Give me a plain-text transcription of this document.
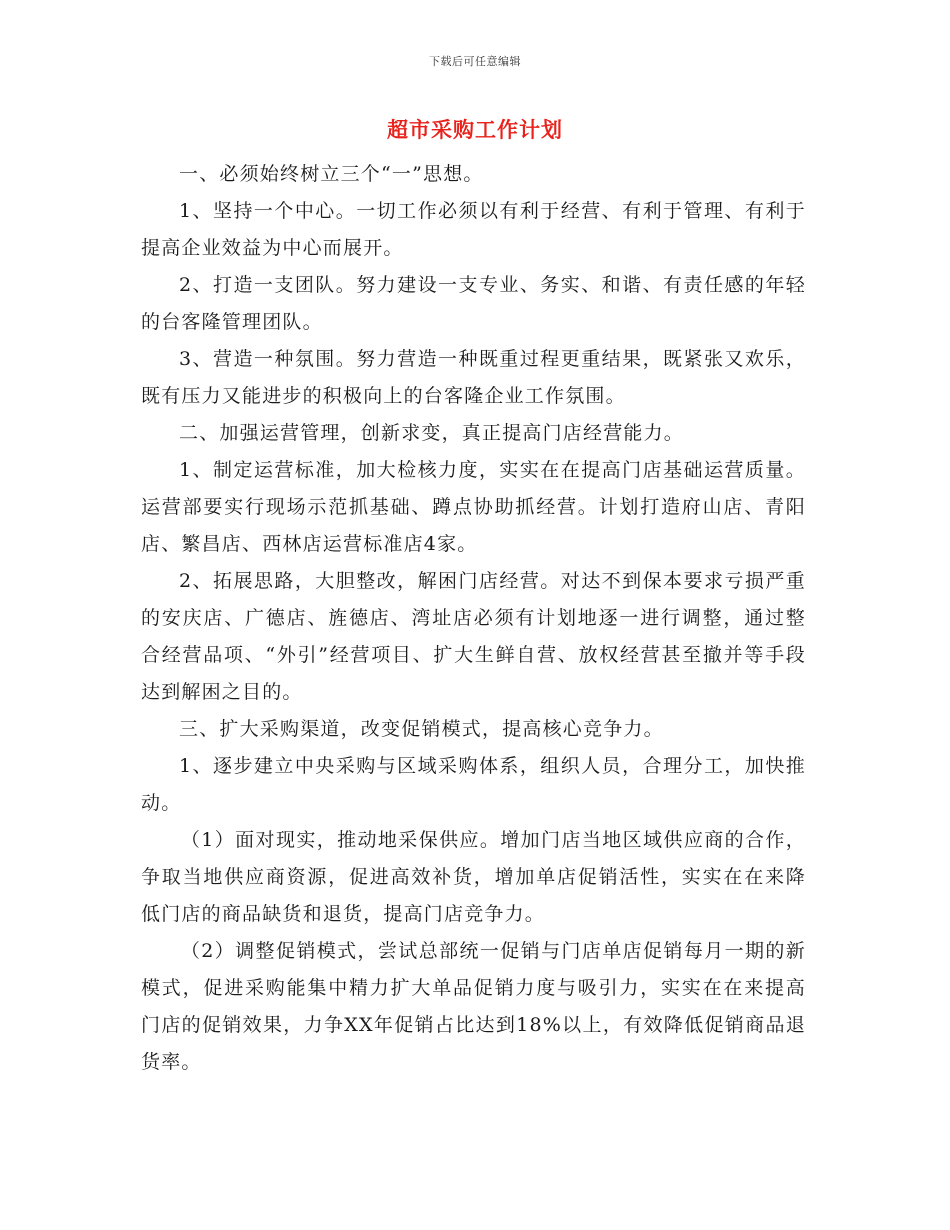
下载后可任意编辑
超市采购工作计划

一、必须始终树立三个“一”思想。

1、坚持一个中心。一切工作必须以有利于经营、有利于管理、有利于提高企业效益为中心而展开。

2、打造一支团队。努力建设一支专业、务实、和谐、有责任感的年轻的台客隆管理团队。

3、营造一种氛围。努力营造一种既重过程更重结果，既紧张又欢乐，既有压力又能进步的积极向上的台客隆企业工作氛围。

二、加强运营管理，创新求变，真正提高门店经营能力。

1、制定运营标准，加大检核力度，实实在在提高门店基础运营质量。运营部要实行现场示范抓基础、蹲点协助抓经营。计划打造府山店、青阳店、繁昌店、西林店运营标准店4家。

2、拓展思路，大胆整改，解困门店经营。对达不到保本要求亏损严重的安庆店、广德店、旌德店、湾址店必须有计划地逐一进行调整，通过整合经营品项、“外引”经营项目、扩大生鲜自营、放权经营甚至撤并等手段达到解困之目的。

三、扩大采购渠道，改变促销模式，提高核心竞争力。

1、逐步建立中央采购与区域采购体系，组织人员，合理分工，加快推动。

（1）面对现实，推动地采保供应。增加门店当地区域供应商的合作，争取当地供应商资源，促进高效补货，增加单店促销活性，实实在在来降低门店的商品缺货和退货，提高门店竞争力。

（2）调整促销模式，尝试总部统一促销与门店单店促销每月一期的新模式，促进采购能集中精力扩大单品促销力度与吸引力，实实在在来提高门店的促销效果，力争XX年促销占比达到18%以上，有效降低促销商品退货率。
